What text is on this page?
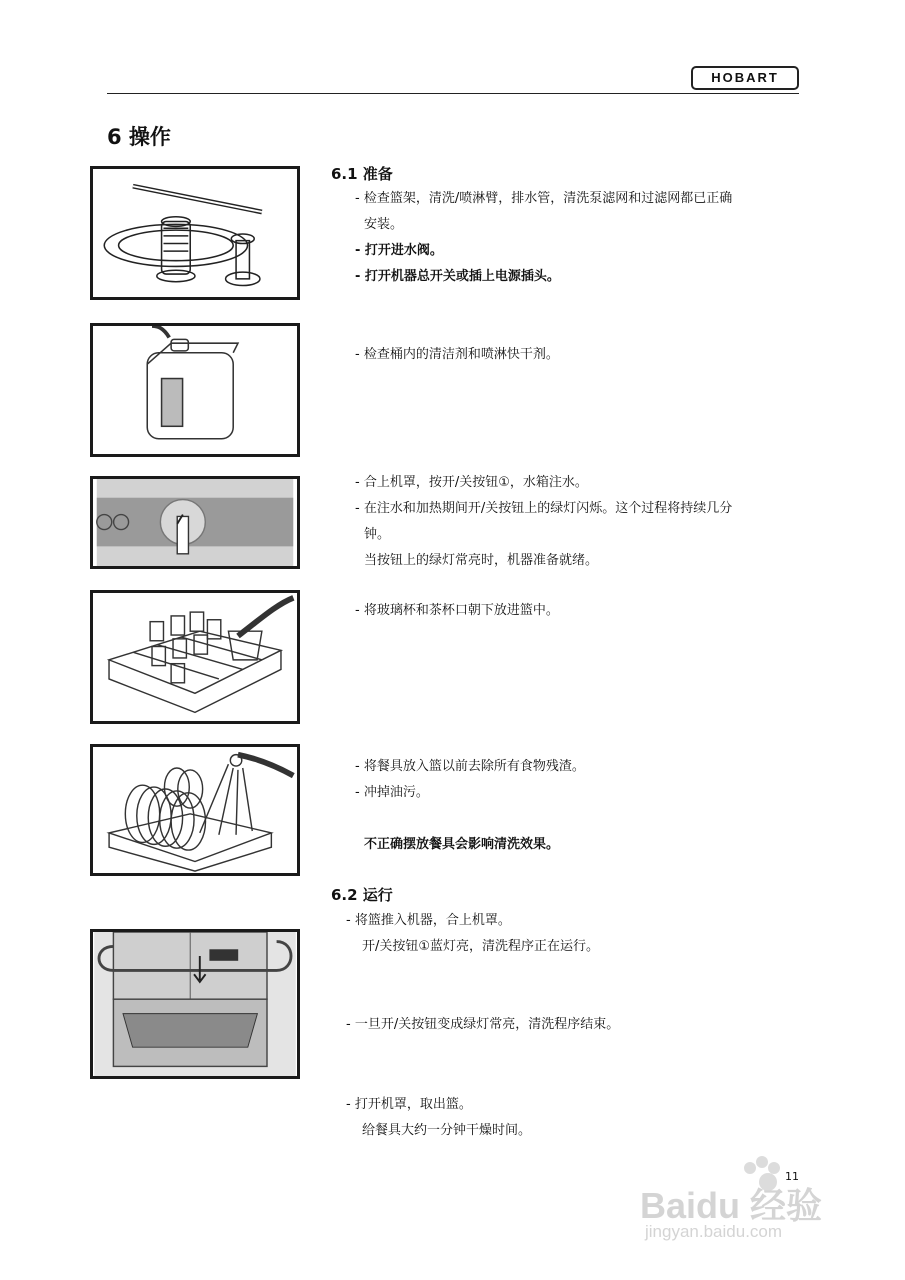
HOBART
6 操作
6.1 准备
- 检查篮架，清洗/喷淋臂，排水管，清洗泵滤网和过滤网都已正确
安装。
- 打开进水阀。
- 打开机器总开关或插上电源插头。
- 检查桶内的清洁剂和喷淋快干剂。
- 合上机罩，按开/关按钮①，水箱注水。
- 在注水和加热期间开/关按钮上的绿灯闪烁。这个过程将持续几分
钟。
当按钮上的绿灯常亮时，机器准备就绪。
- 将玻璃杯和茶杯口朝下放进篮中。
- 将餐具放入篮以前去除所有食物残渣。
- 冲掉油污。
不正确摆放餐具会影响清洗效果。
6.2 运行
- 将篮推入机器，合上机罩。
开/关按钮①蓝灯亮，清洗程序正在运行。
- 一旦开/关按钮变成绿灯常亮，清洗程序结束。
- 打开机罩，取出篮。
给餐具大约一分钟干燥时间。
11
Baidu 经验
jingyan.baidu.com
